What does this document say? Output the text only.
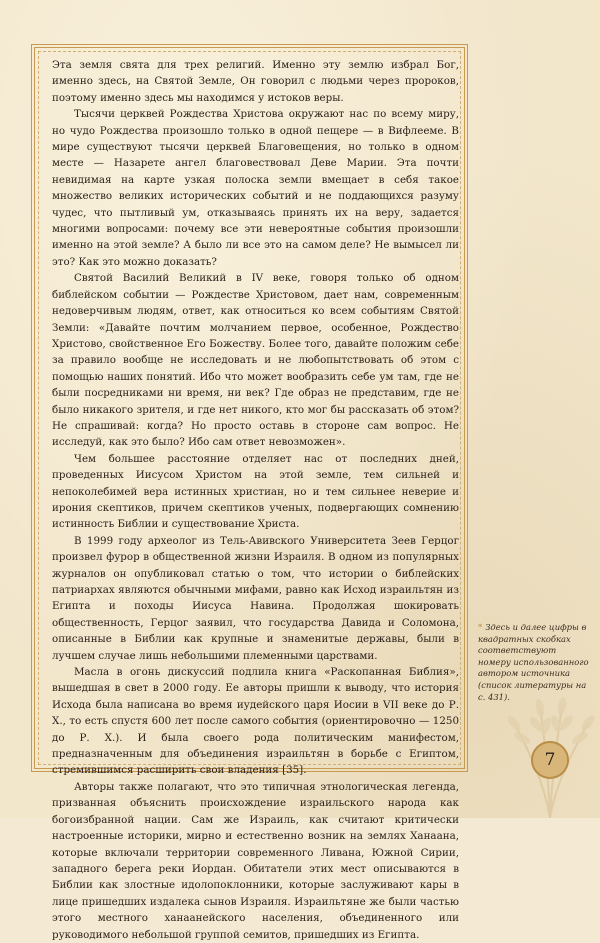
Эта земля свята для трех религий. Именно эту землю избрал Бог, именно здесь, на Святой Земле, Он говорил с людьми через пророков, поэтому именно здесь мы находимся у истоков веры.

Тысячи церквей Рождества Христова окружают нас по всему миру, но чудо Рождества произошло только в одной пещере — в Вифлееме. В мире существуют тысячи церквей Благовещения, но только в одном месте — Назарете ангел благовествовал Деве Марии. Эта почти невидимая на карте узкая полоска земли вмещает в себя такое множество великих исторических событий и не поддающихся разуму чудес, что пытливый ум, отказываясь принять их на веру, задается многими вопросами: почему все эти невероятные события произошли именно на этой земле? А было ли все это на самом деле? Не вымысел ли это? Как это можно доказать?

Святой Василий Великий в IV веке, говоря только об одном библейском событии — Рождестве Христовом, дает нам, современным недоверчивым людям, ответ, как относиться ко всем событиям Святой Земли: «Давайте почтим молчанием первое, особенное, Рождество Христово, свойственное Его Божеству. Более того, давайте положим себе за правило вообще не исследовать и не любопытствовать об этом с помощью наших понятий. Ибо что может вообразить себе ум там, где не были посредниками ни время, ни век? Где образ не представим, где не было никакого зрителя, и где нет никого, кто мог бы рассказать об этом? Не спрашивай: когда? Но просто оставь в стороне сам вопрос. Не исследуй, как это было? Ибо сам ответ невозможен».

Чем большее расстояние отделяет нас от последних дней, проведенных Иисусом Христом на этой земле, тем сильней и непоколебимей вера истинных христиан, но и тем сильнее неверие и ирония скептиков, причем скептиков ученых, подвергающих сомнению истинность Библии и существование Христа.

В 1999 году археолог из Тель-Авивского Университета Зеев Герцог произвел фурор в общественной жизни Израиля. В одном из популярных журналов он опубликовал статью о том, что истории о библейских патриархах являются обычными мифами, равно как Исход израильтян из Египта и походы Иисуса Навина. Продолжая шокировать общественность, Герцог заявил, что государства Давида и Соломона, описанные в Библии как крупные и знаменитые державы, были в лучшем случае лишь небольшими племенными царствами.

Масла в огонь дискуссий подлила книга «Раскопанная Библия», вышедшая в свет в 2000 году. Ее авторы пришли к выводу, что история Исхода была написана во время иудейского царя Иосии в VII веке до Р. Х., то есть спустя 600 лет после самого события (ориентировочно — 1250 до Р. Х.). И была своего рода политическим манифестом, предназначенным для объединения израильтян в борьбе с Египтом, стремившимся расширить свои владения [35].

Авторы также полагают, что это типичная этнологическая легенда, призванная объяснить происхождение израильского народа как богоизбранной нации. Сам же Израиль, как считают критически настроенные историки, мирно и естественно возник на землях Ханаана, которые включали территории современного Ливана, Южной Сирии, западного берега реки Иордан. Обитатели этих мест описываются в Библии как злостные идолопоклонники, которые заслуживают кары в лице пришедших издалека сынов Израиля. Израильтяне же были частью этого местного ханаанейского населения, объединенного или руководимого небольшой группой семитов, пришедших из Египта.

* Здесь и далее цифры в квадратных скобках соответствуют номеру использованного автором источника (список литературы на с. 431).
7
